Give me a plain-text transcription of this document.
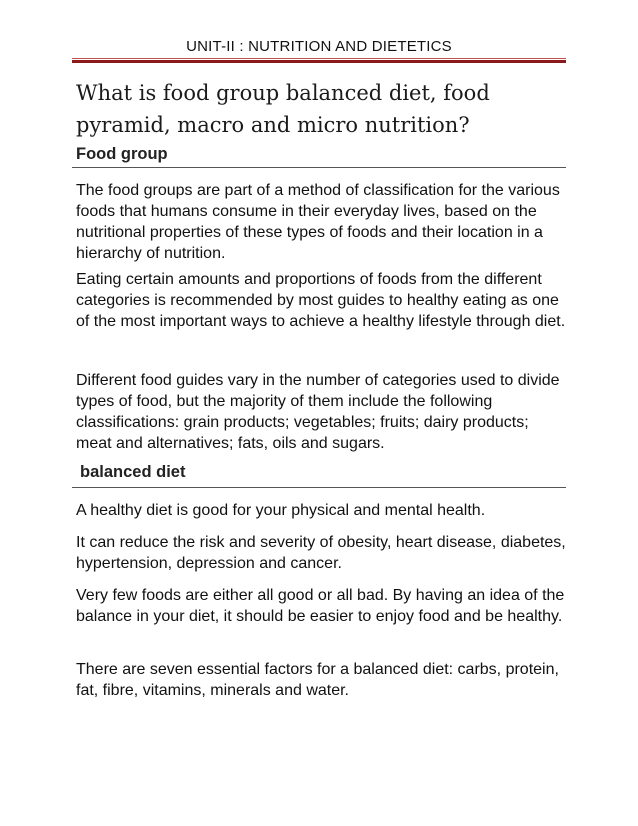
UNIT-II : NUTRITION AND DIETETICS
What is food group balanced diet, food pyramid, macro and micro nutrition?
Food group
The food groups are part of a method of classification for the various foods that humans consume in their everyday lives, based on the nutritional properties of these types of foods and their location in a hierarchy of nutrition.
Eating certain amounts and proportions of foods from the different categories is recommended by most guides to healthy eating as one of the most important ways to achieve a healthy lifestyle through diet.
Different food guides vary in the number of categories used to divide types of food, but the majority of them include the following classifications: grain products; vegetables; fruits; dairy products; meat and alternatives; fats, oils and sugars.
balanced diet
A healthy diet is good for your physical and mental health.
It can reduce the risk and severity of obesity, heart disease, diabetes, hypertension, depression and cancer.
Very few foods are either all good or all bad. By having an idea of the balance in your diet, it should be easier to enjoy food and be healthy.
There are seven essential factors for a balanced diet: carbs, protein, fat, fibre, vitamins, minerals and water.
